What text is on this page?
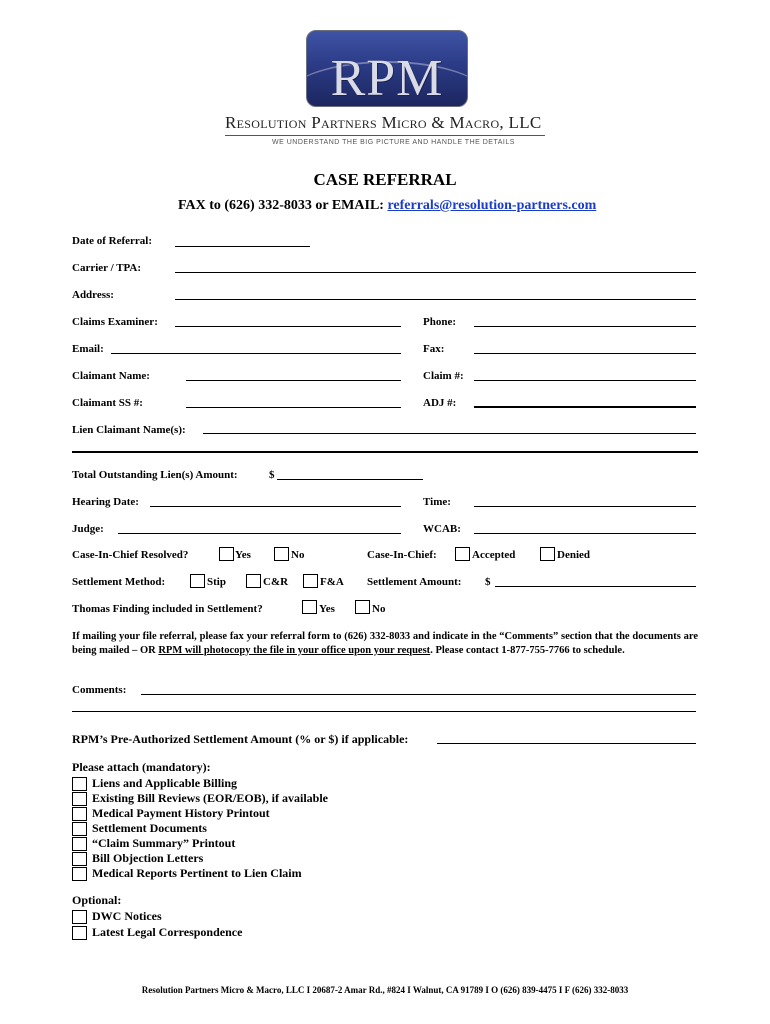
RPM
Resolution Partners Micro & Macro, LLC
WE UNDERSTAND THE BIG PICTURE AND HANDLE THE DETAILS
CASE REFERRAL
FAX to (626) 332-8033 or EMAIL: referrals@resolution-partners.com
Date of Referral:
Carrier / TPA:
Address:
Claims Examiner:	Phone:
Email:	Fax:
Claimant Name:	Claim #:
Claimant SS #:	ADJ #:
Lien Claimant Name(s):
Total Outstanding Lien(s) Amount:	$
Hearing Date:	Time:
Judge:	WCAB:
Case-In-Chief Resolved?	Yes	No	Case-In-Chief:	Accepted	Denied
Settlement Method:	Stip	C&R	F&A Settlement Amount: $
Thomas Finding included in Settlement?	Yes	No
If mailing your file referral, please fax your referral form to (626) 332-8033 and indicate in the “Comments” section that the documents are being mailed – OR RPM will photocopy the file in your office upon your request. Please contact 1-877-755-7766 to schedule.
Comments:
RPM’s Pre-Authorized Settlement Amount (% or $) if applicable:
Please attach (mandatory):
Liens and Applicable Billing
Existing Bill Reviews (EOR/EOB), if available
Medical Payment History Printout
Settlement Documents
“Claim Summary” Printout
Bill Objection Letters
Medical Reports Pertinent to Lien Claim
Optional:
DWC Notices
Latest Legal Correspondence
Resolution Partners Micro & Macro, LLC I 20687-2 Amar Rd., #824 I Walnut, CA 91789 I O (626) 839-4475 I F (626) 332-8033
